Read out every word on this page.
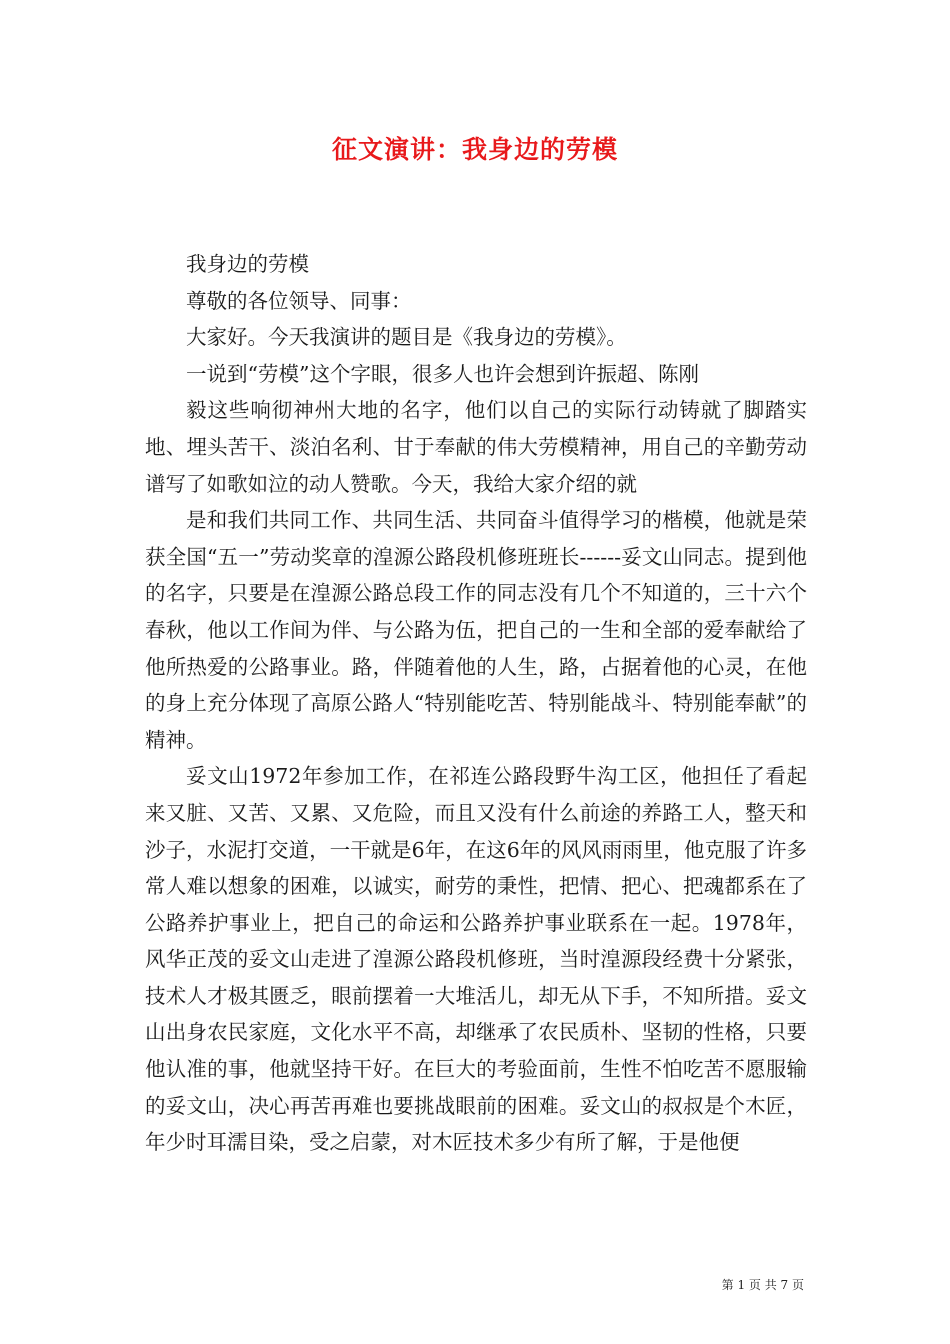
征文演讲：我身边的劳模

我身边的劳模

尊敬的各位领导、同事：

大家好。今天我演讲的题目是《我身边的劳模》。

一说到“劳模”这个字眼，很多人也许会想到许振超、陈刚

毅这些响彻神州大地的名字，他们以自己的实际行动铸就了脚踏实地、埋头苦干、淡泊名利、甘于奉献的伟大劳模精神，用自己的辛勤劳动谱写了如歌如泣的动人赞歌。今天，我给大家介绍的就

是和我们共同工作、共同生活、共同奋斗值得学习的楷模，他就是荣获全国“五一”劳动奖章的湟源公路段机修班班长------妥文山同志。提到他的名字，只要是在湟源公路总段工作的同志没有几个不知道的，三十六个春秋，他以工作间为伴、与公路为伍，把自己的一生和全部的爱奉献给了他所热爱的公路事业。路，伴随着他的人生，路，占据着他的心灵，在他的身上充分体现了高原公路人“特别能吃苦、特别能战斗、特别能奉献”的精神。

妥文山1972年参加工作，在祁连公路段野牛沟工区，他担任了看起来又脏、又苦、又累、又危险，而且又没有什么前途的养路工人，整天和沙子，水泥打交道，一干就是6年，在这6年的风风雨雨里，他克服了许多常人难以想象的困难，以诚实，耐劳的秉性，把情、把心、把魂都系在了公路养护事业上，把自己的命运和公路养护事业联系在一起。1978年，风华正茂的妥文山走进了湟源公路段机修班，当时湟源段经费十分紧张，技术人才极其匮乏，眼前摆着一大堆活儿，却无从下手，不知所措。妥文山出身农民家庭，文化水平不高，却继承了农民质朴、坚韧的性格，只要他认准的事，他就坚持干好。在巨大的考验面前，生性不怕吃苦不愿服输的妥文山，决心再苦再难也要挑战眼前的困难。妥文山的叔叔是个木匠，年少时耳濡目染，受之启蒙，对木匠技术多少有所了解，于是他便

第 1 页 共 7 页
